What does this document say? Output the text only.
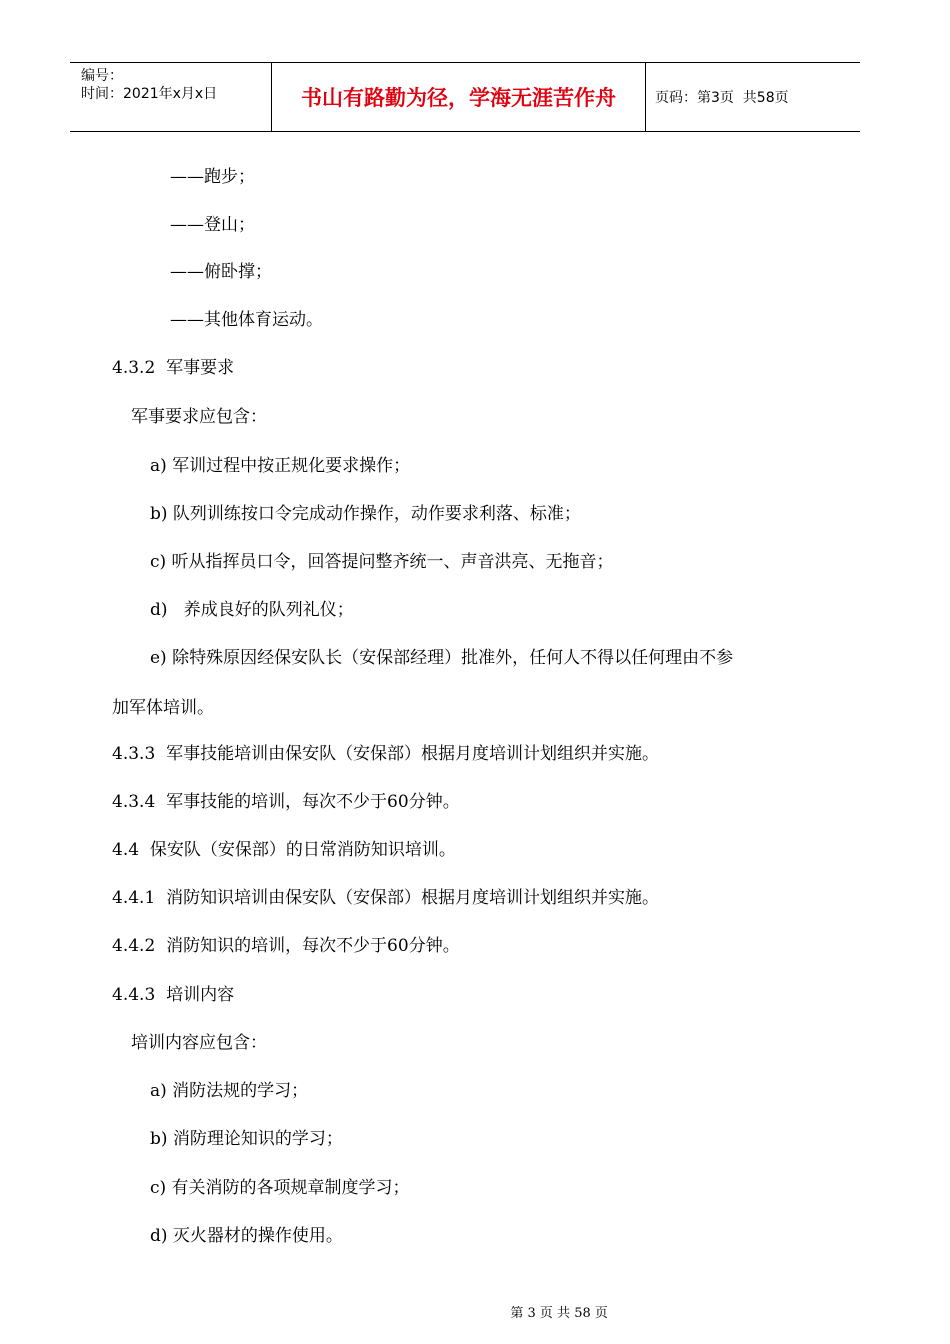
编号：
时间：2021年x月x日	书山有路勤为径，学海无涯苦作舟	页码：第3页  共58页
——跑步；
——登山；
——俯卧撑；
——其他体育运动。
4.3.2  军事要求
军事要求应包含：
a) 军训过程中按正规化要求操作；
b) 队列训练按口令完成动作操作，动作要求利落、标准；
c) 听从指挥员口令，回答提问整齐统一、声音洪亮、无拖音；
d)   养成良好的队列礼仪；
e) 除特殊原因经保安队长（安保部经理）批准外，任何人不得以任何理由不参
加军体培训。
4.3.3  军事技能培训由保安队（安保部）根据月度培训计划组织并实施。
4.3.4  军事技能的培训，每次不少于60分钟。
4.4  保安队（安保部）的日常消防知识培训。
4.4.1  消防知识培训由保安队（安保部）根据月度培训计划组织并实施。
4.4.2  消防知识的培训，每次不少于60分钟。
4.4.3  培训内容
培训内容应包含：
a) 消防法规的学习；
b) 消防理论知识的学习；
c) 有关消防的各项规章制度学习；
d) 灭火器材的操作使用。

第 3 页 共 58 页
